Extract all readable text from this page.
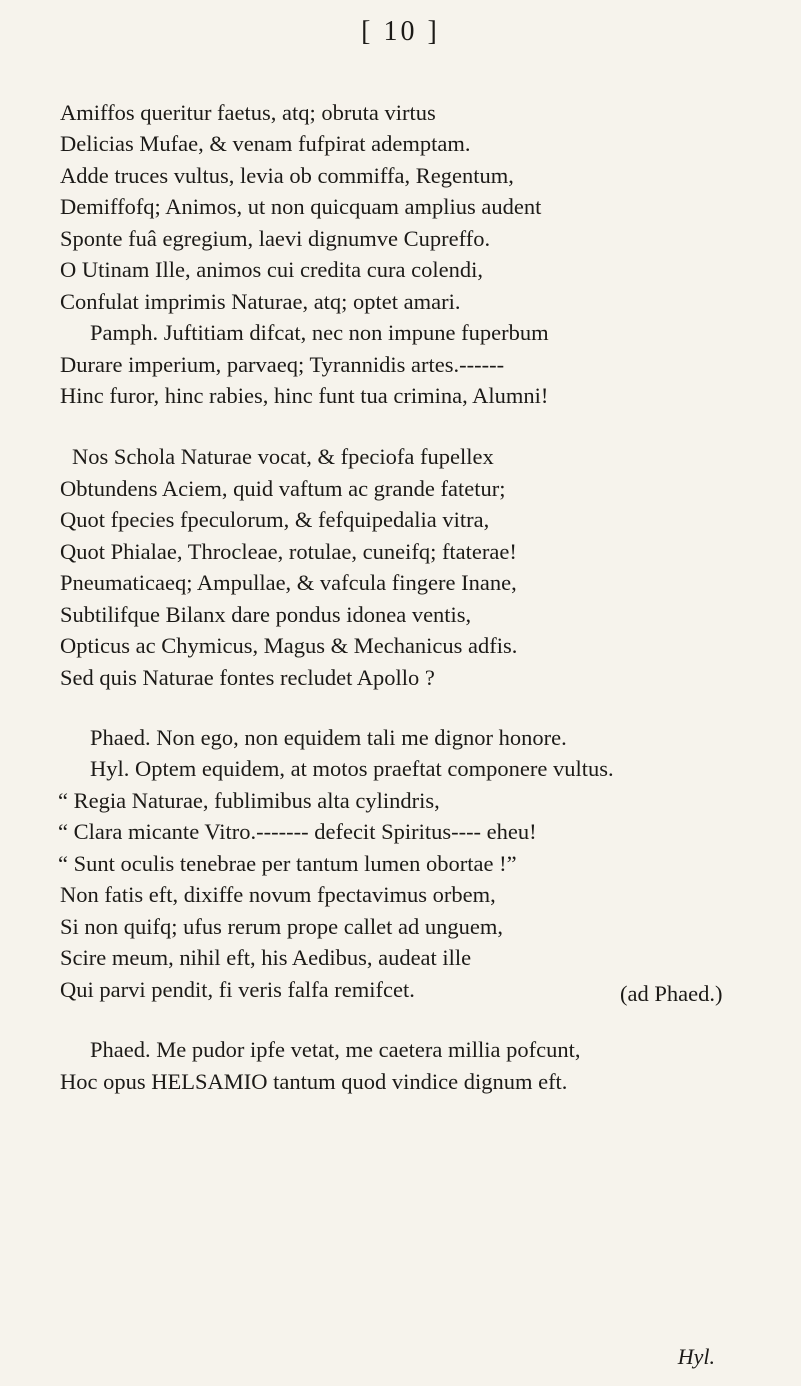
[ 10 ]
Amiffos queritur faetus, atq; obruta virtus
Delicias Mufae, & venam fufpirat ademptam.
Adde truces vultus, levia ob commiffa, Regentum,
Demiffofq; Animos, ut non quicquam amplius audent
Sponte fuâ egregium, laevi dignumve Cupreffo.
O Utinam Ille, animos cui credita cura colendi,
Confulat imprimis Naturae, atq; optet amari.
Pamph. Juftitiam difcat, nec non impune fuperbum
Durare imperium, parvaeq; Tyrannidis artes.------
Hinc furor, hinc rabies, hinc funt tua crimina, Alumni!
Nos Schola Naturae vocat, & fpeciofa fupellex
Obtundens Aciem, quid vaftum ac grande fatetur;
Quot fpecies fpeculorum, & fefquipedalia vitra,
Quot Phialae, Throcleae, rotulae, cuneifq; ftaterae!
Pneumaticaeq; Ampullae, & vafcula fingere Inane,
Subtilifque Bilanx dare pondus idonea ventis,
Opticus ac Chymicus, Magus & Mechanicus adfis.
Sed quis Naturae fontes recludet Apollo ?
Phaed. Non ego, non equidem tali me dignor honore.
Hyl. Optem equidem, at motos praeftat componere vultus.
“ Regia Naturae, fublimibus alta cylindris,
“ Clara micante Vitro.------- defecit Spiritus---- eheu!
“ Sunt oculis tenebrae per tantum lumen obortae !”
Non fatis eft, dixiffe novum fpectavimus orbem,
Si non quifq; ufus rerum prope callet ad unguem,
Scire meum, nihil eft, his Aedibus, audeat ille
Qui parvi pendit, fi veris falfa remifcet.	(ad Phaed.)
Phaed. Me pudor ipfe vetat, me caetera millia pofcunt,
Hoc opus HELSAMIO tantum quod vindice dignum eft.
Hyl.
